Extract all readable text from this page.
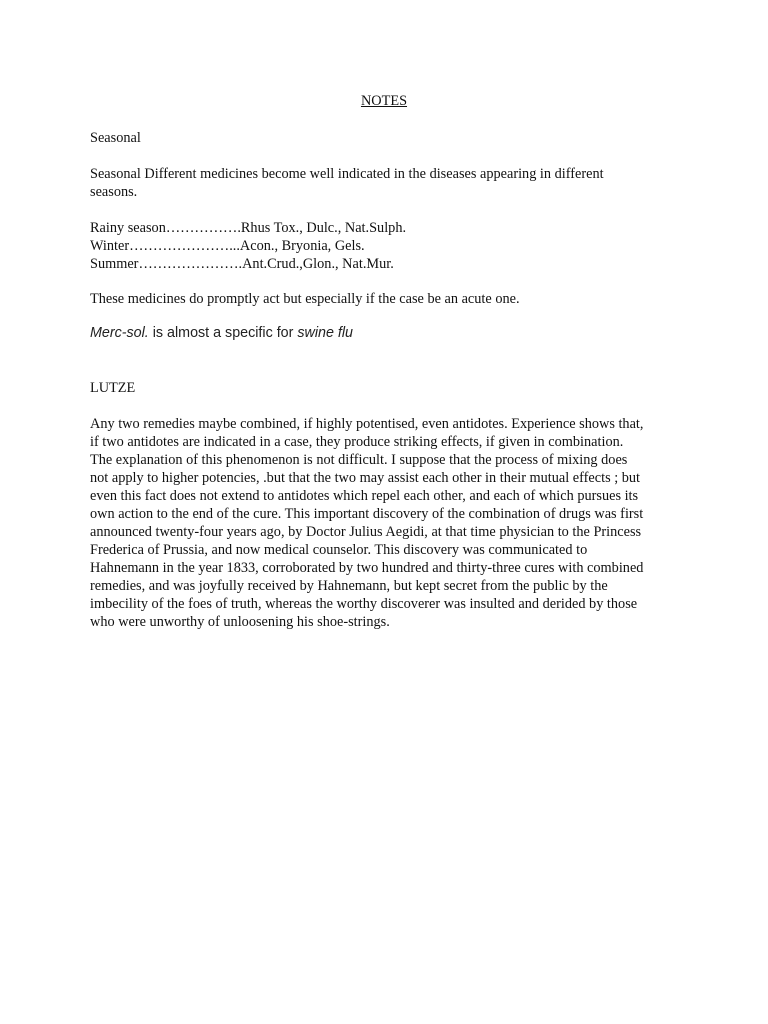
NOTES
Seasonal
Seasonal Different medicines become well indicated in the diseases appearing in different
seasons.
Rainy season…………….Rhus Tox., Dulc., Nat.Sulph.
Winter…………………...Acon., Bryonia, Gels.
Summer………………….Ant.Crud.,Glon., Nat.Mur.
These medicines do promptly act but especially if the case be an acute one.
Merc-sol. is almost a specific for swine flu
LUTZE
Any two remedies maybe combined, if highly potentised, even antidotes. Experience shows that,
if two antidotes are indicated in a case, they produce striking effects, if given in combination.
The explanation of this phenomenon is not difficult. I suppose that the process of mixing does
not apply to higher potencies, .but that the two may assist each other in their mutual effects ; but
even this fact does not extend to antidotes which repel each other, and each of which pursues its
own action to the end of the cure. This important discovery of the combination of drugs was first
announced twenty-four years ago, by Doctor Julius Aegidi, at that time physician to the Princess
Frederica of Prussia, and now medical counselor. This discovery was communicated to
Hahnemann in the year 1833, corroborated by two hundred and thirty-three cures with combined
remedies, and was joyfully received by Hahnemann, but kept secret from the public by the
imbecility of the foes of truth, whereas the worthy discoverer was insulted and derided by those
who were unworthy of unloosening his shoe-strings.
